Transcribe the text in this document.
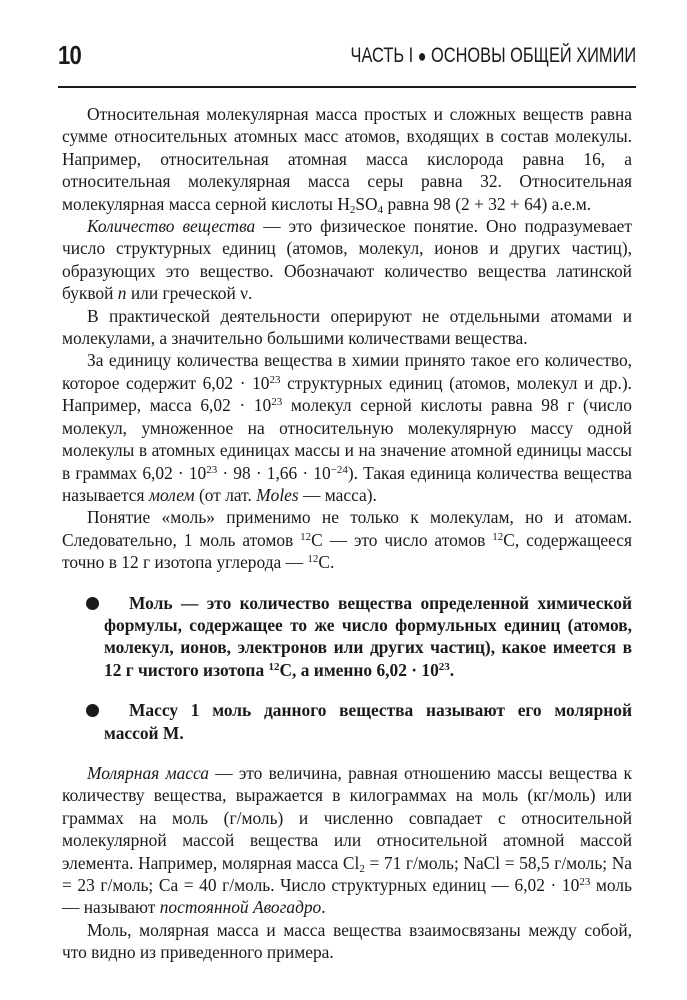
10	ЧАСТЬ I ● ОСНОВЫ ОБЩЕЙ ХИМИИ

Относительная молекулярная масса простых и сложных веществ равна сумме относительных атомных масс атомов, входящих в состав молекулы. Например, относительная атомная масса кислорода равна 16, а относительная молекулярная масса серы равна 32. Относительная молекулярная масса серной кислоты $H_2SO_4$ равна 98 (2 + 32 + 64) а.е.м.

Количество вещества — это физическое понятие. Оно подразумевает число структурных единиц (атомов, молекул, ионов и других частиц), образующих это вещество. Обозначают количество вещества латинской буквой n или греческой ν.

В практической деятельности оперируют не отдельными атомами и молекулами, а значительно большими количествами вещества.

За единицу количества вещества в химии принято такое его количество, которое содержит $6,02 \cdot 10^{23}$ структурных единиц (атомов, молекул и др.). Например, масса $6,02 \cdot 10^{23}$ молекул серной кислоты равна 98 г (число молекул, умноженное на относительную молекулярную массу одной молекулы в атомных единицах массы и на значение атомной единицы массы в граммах $6,02 \cdot 10^{23} \cdot 98 \cdot 1,66 \cdot 10^{-24}$). Такая единица количества вещества называется молем (от лат. Moles — масса).

Понятие «моль» применимо не только к молекулам, но и атомам. Следовательно, 1 моль атомов $^{12}$С — это число атомов $^{12}$С, содержащееся точно в 12 г изотопа углерода — $^{12}$С.

Моль — это количество вещества определенной химической формулы, содержащее то же число формульных единиц (атомов, молекул, ионов, электронов или других частиц), какое имеется в 12 г чистого изотопа $^{12}$С, а именно $6,02 \cdot 10^{23}$.

Массу 1 моль данного вещества называют его молярной массой М.

Молярная масса — это величина, равная отношению массы вещества к количеству вещества, выражается в килограммах на моль (кг/моль) или граммах на моль (г/моль) и численно совпадает с относительной молекулярной массой вещества или относительной атомной массой элемента. Например, молярная масса $Cl_2 = 71$ г/моль; NaCl = 58,5 г/моль; Na = 23 г/моль; Ca = 40 г/моль. Число структурных единиц — $6,02 \cdot 10^{23}$ моль — называют постоянной Авогадро.

Моль, молярная масса и масса вещества взаимосвязаны между собой, что видно из приведенного примера.
